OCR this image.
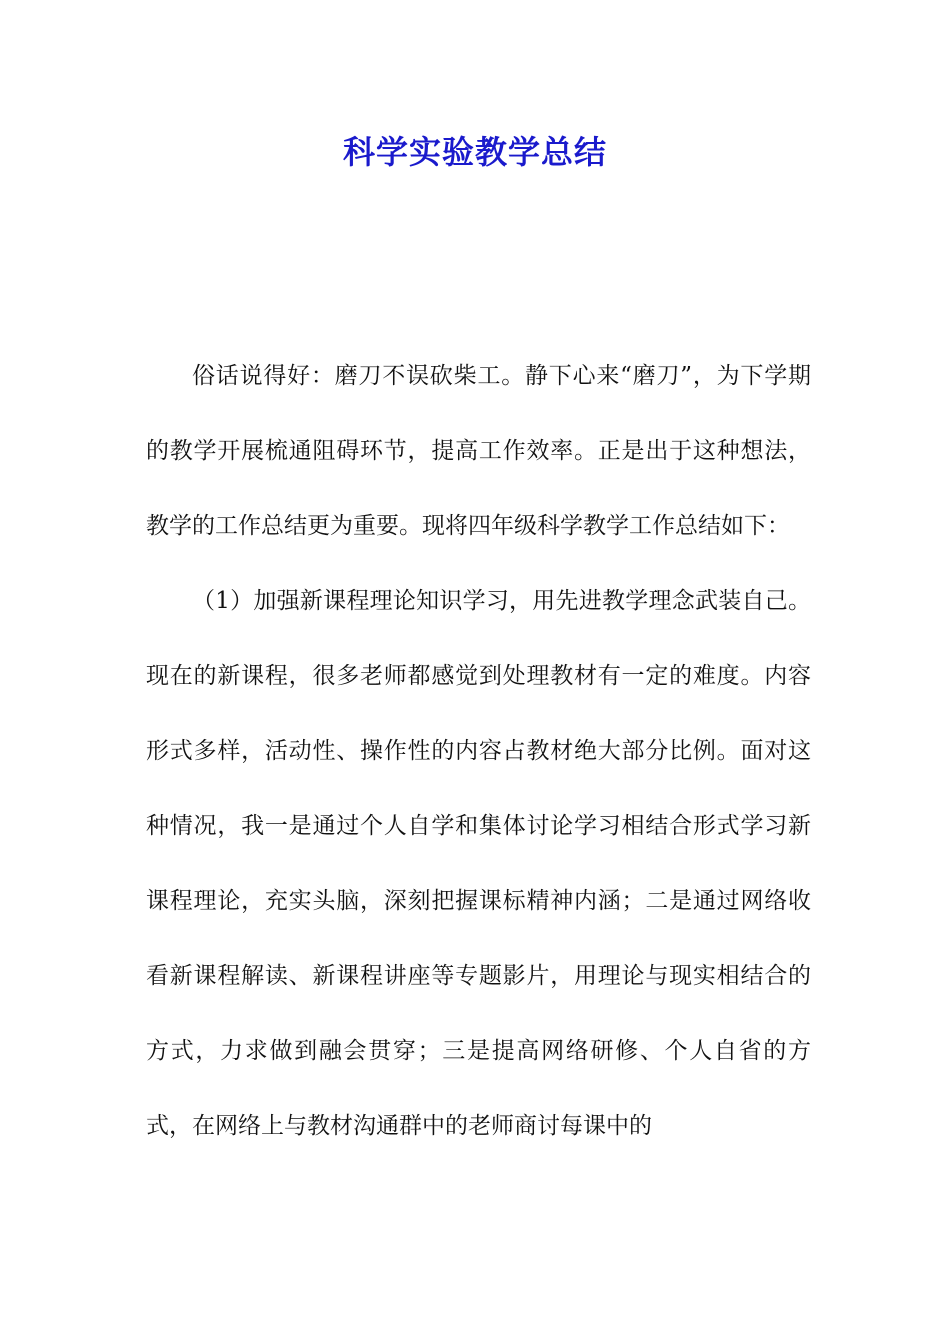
科学实验教学总结

俗话说得好：磨刀不误砍柴工。静下心来“磨刀”，为下学期的教学开展梳通阻碍环节，提高工作效率。正是出于这种想法，教学的工作总结更为重要。现将四年级科学教学工作总结如下：

（1）加强新课程理论知识学习，用先进教学理念武装自己。现在的新课程，很多老师都感觉到处理教材有一定的难度。内容形式多样，活动性、操作性的内容占教材绝大部分比例。面对这种情况，我一是通过个人自学和集体讨论学习相结合形式学习新课程理论，充实头脑，深刻把握课标精神内涵；二是通过网络收看新课程解读、新课程讲座等专题影片，用理论与现实相结合的方式，力求做到融会贯穿；三是提高网络研修、个人自省的方式，在网络上与教材沟通群中的老师商讨每课中的
